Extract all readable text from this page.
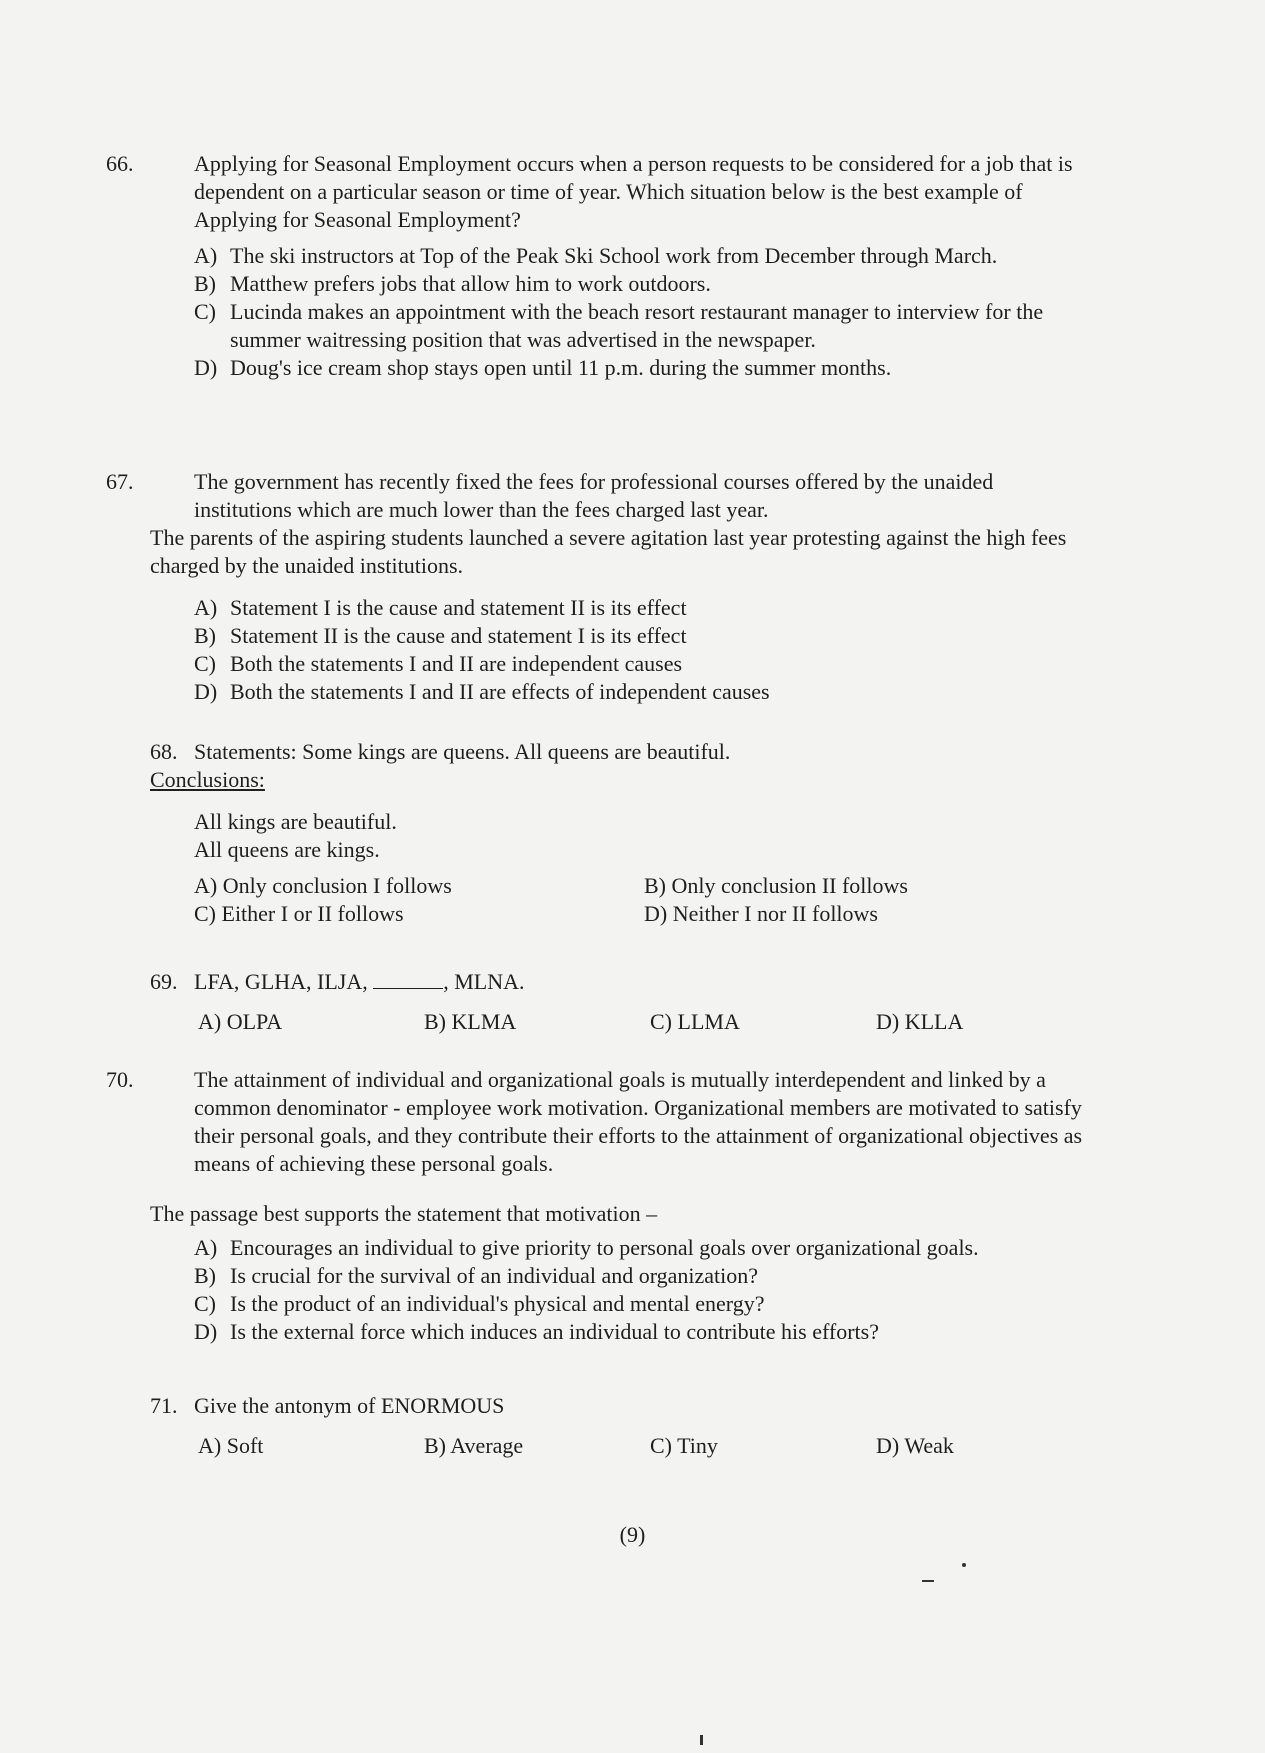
66.	Applying for Seasonal Employment occurs when a person requests to be considered for a job that is dependent on a particular season or time of year. Which situation below is the best example of Applying for Seasonal Employment?

A) The ski instructors at Top of the Peak Ski School work from December through March.
B) Matthew prefers jobs that allow him to work outdoors.
C) Lucinda makes an appointment with the beach resort restaurant manager to interview for the summer waitressing position that was advertised in the newspaper.
D) Doug's ice cream shop stays open until 11 p.m. during the summer months.

67.	The government has recently fixed the fees for professional courses offered by the unaided institutions which are much lower than the fees charged last year.

The parents of the aspiring students launched a severe agitation last year protesting against the high fees charged by the unaided institutions.

A) Statement I is the cause and statement II is its effect
B) Statement II is the cause and statement I is its effect
C) Both the statements I and II are independent causes
D) Both the statements I and II are effects of independent causes

68. Statements: Some kings are queens. All queens are beautiful.

Conclusions:

All kings are beautiful.
All queens are kings.
A) Only conclusion I follows	B) Only conclusion II follows
C) Either I or II follows	D) Neither I nor II follows

69. LFA, GLHA, ILJA,	, MLNA.

A) OLPA	B) KLMA	C) LLMA	D) KLLA

70.	The attainment of individual and organizational goals is mutually interdependent and linked by a common denominator - employee work motivation. Organizational members are motivated to satisfy their personal goals, and they contribute their efforts to the attainment of organizational objectives as means of achieving these personal goals.

The passage best supports the statement that motivation –

A) Encourages an individual to give priority to personal goals over organizational goals.
B) Is crucial for the survival of an individual and organization?
C) Is the product of an individual's physical and mental energy?
D) Is the external force which induces an individual to contribute his efforts?

71. Give the antonym of ENORMOUS

A) Soft	B) Average	C) Tiny	D) Weak
(9)
